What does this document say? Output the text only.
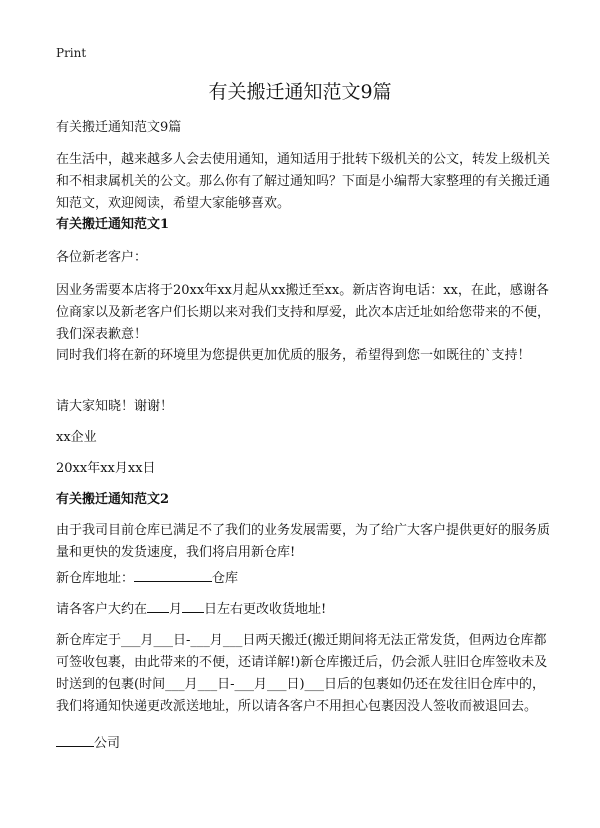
Print
有关搬迁通知范文9篇

有关搬迁通知范文9篇

在生活中，越来越多人会去使用通知，通知适用于批转下级机关的公文，转发上级机关和不相隶属机关的公文。那么你有了解过通知吗？下面是小编帮大家整理的有关搬迁通知范文，欢迎阅读，希望大家能够喜欢。

有关搬迁通知范文1

各位新老客户：

因业务需要本店将于20xx年xx月起从xx搬迁至xx。新店咨询电话：xx，在此，感谢各位商家以及新老客户们长期以来对我们支持和厚爱，此次本店迁址如给您带来的不便，我们深表歉意！

同时我们将在新的环境里为您提供更加优质的服务，希望得到您一如既往的`支持！

请大家知晓！谢谢！

xx企业

20xx年xx月xx日

有关搬迁通知范文2

由于我司目前仓库已满足不了我们的业务发展需要，为了给广大客户提供更好的服务质量和更快的发货速度，我们将启用新仓库!

新仓库地址：	仓库

请各客户大约在 月 日左右更改收货地址!

新仓库定于___月___日-___月___日两天搬迁(搬迁期间将无法正常发货，但两边仓库都可签收包裹，由此带来的不便，还请详解!)新仓库搬迁后，仍会派人驻旧仓库签收未及时送到的包裹(时间___月___日-___月___日)___日后的包裹如仍还在发往旧仓库中的，我们将通知快递更改派送地址，所以请各客户不用担心包裹因没人签收而被退回去。

公司
